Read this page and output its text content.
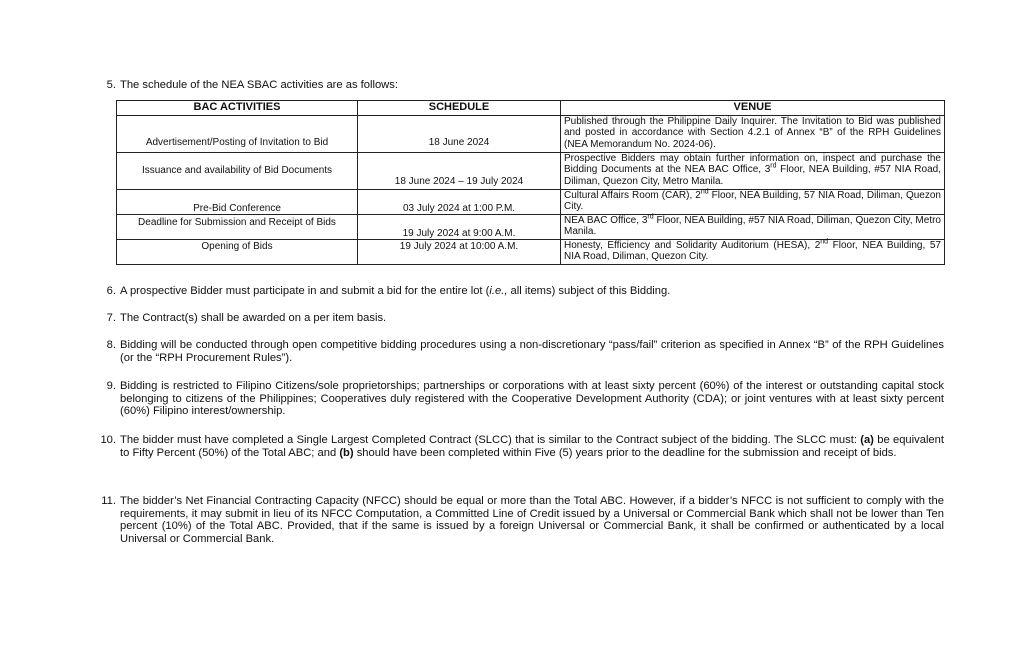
5. The schedule of the NEA SBAC activities are as follows:
BAC ACTIVITIES	SCHEDULE	VENUE
Advertisement/Posting of Invitation to Bid	18 June 2024	Published through the Philippine Daily Inquirer. The Invitation to Bid was published and posted in accordance with Section 4.2.1 of Annex “B” of the RPH Guidelines (NEA Memorandum No. 2024-06).
Issuance and availability of Bid Documents	18 June 2024 – 19 July 2024	Prospective Bidders may obtain further information on, inspect and purchase the Bidding Documents at the NEA BAC Office, 3rd Floor, NEA Building, #57 NIA Road, Diliman, Quezon City, Metro Manila.
Pre-Bid Conference	03 July 2024 at 1:00 P.M.	Cultural Affairs Room (CAR), 2nd Floor, NEA Building, 57 NIA Road, Diliman, Quezon City.
Deadline for Submission and Receipt of Bids	19 July 2024 at 9:00 A.M.	NEA BAC Office, 3rd Floor, NEA Building, #57 NIA Road, Diliman, Quezon City, Metro Manila.
Opening of Bids	19 July 2024 at 10:00 A.M.	Honesty, Efficiency and Solidarity Auditorium (HESA), 2nd Floor, NEA Building, 57 NIA Road, Diliman, Quezon City.
6. A prospective Bidder must participate in and submit a bid for the entire lot (i.e., all items) subject of this Bidding.
7. The Contract(s) shall be awarded on a per item basis.
8. Bidding will be conducted through open competitive bidding procedures using a non-discretionary “pass/fail” criterion as specified in Annex “B” of the RPH Guidelines (or the “RPH Procurement Rules”).
9. Bidding is restricted to Filipino Citizens/sole proprietorships; partnerships or corporations with at least sixty percent (60%) of the interest or outstanding capital stock belonging to citizens of the Philippines; Cooperatives duly registered with the Cooperative Development Authority (CDA); or joint ventures with at least sixty percent (60%) Filipino interest/ownership.
10. The bidder must have completed a Single Largest Completed Contract (SLCC) that is similar to the Contract subject of the bidding. The SLCC must: (a) be equivalent to Fifty Percent (50%) of the Total ABC; and (b) should have been completed within Five (5) years prior to the deadline for the submission and receipt of bids.
11. The bidder’s Net Financial Contracting Capacity (NFCC) should be equal or more than the Total ABC. However, if a bidder’s NFCC is not sufficient to comply with the requirements, it may submit in lieu of its NFCC Computation, a Committed Line of Credit issued by a Universal or Commercial Bank which shall not be lower than Ten percent (10%) of the Total ABC. Provided, that if the same is issued by a foreign Universal or Commercial Bank, it shall be confirmed or authenticated by a local Universal or Commercial Bank.
